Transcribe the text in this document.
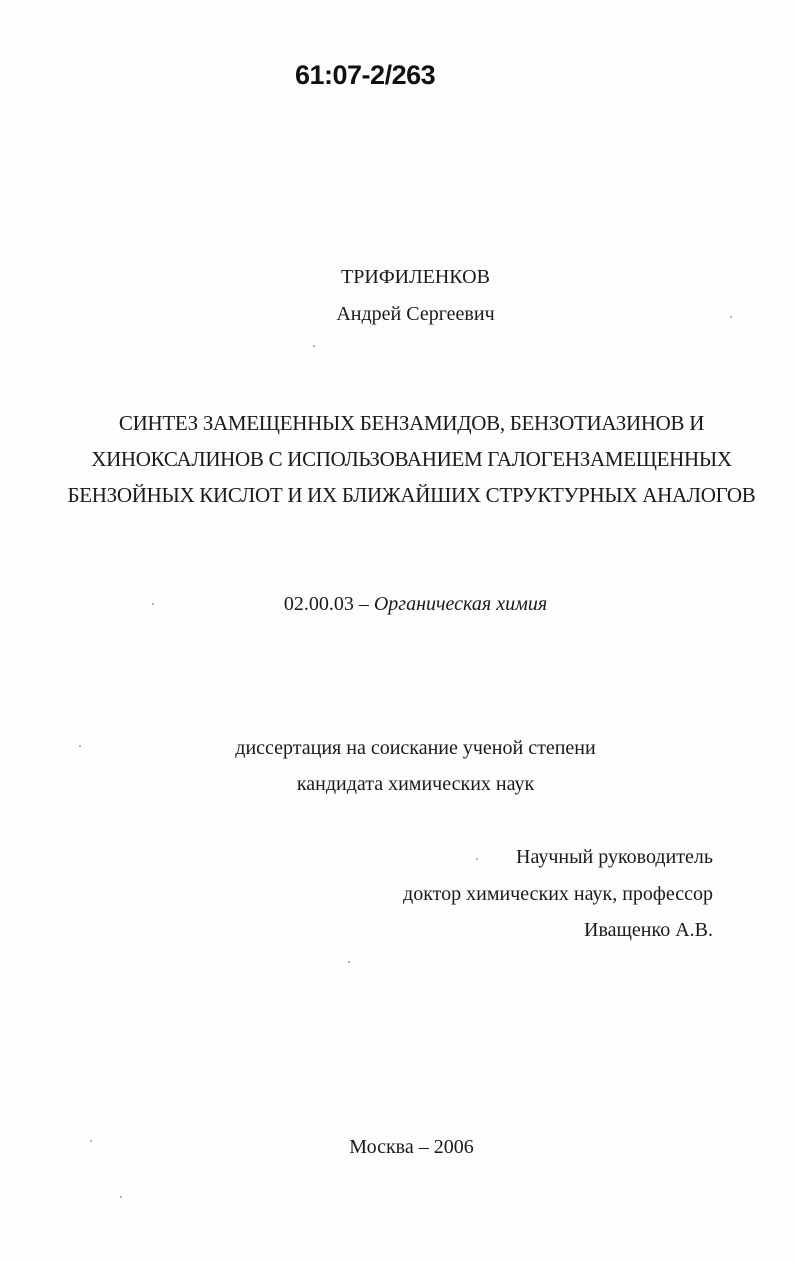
61:07-2/263
ТРИФИЛЕНКОВ
Андрей Сергеевич
СИНТЕЗ ЗАМЕЩЕННЫХ БЕНЗАМИДОВ, БЕНЗОТИАЗИНОВ И
ХИНОКСАЛИНОВ С ИСПОЛЬЗОВАНИЕМ ГАЛОГЕНЗАМЕЩЕННЫХ
БЕНЗОЙНЫХ КИСЛОТ И ИХ БЛИЖАЙШИХ СТРУКТУРНЫХ АНАЛОГОВ
02.00.03 – Органическая химия
диссертация на соискание ученой степени
кандидата химических наук
Научный руководитель
доктор химических наук, профессор
Иващенко А.В.
Москва – 2006
